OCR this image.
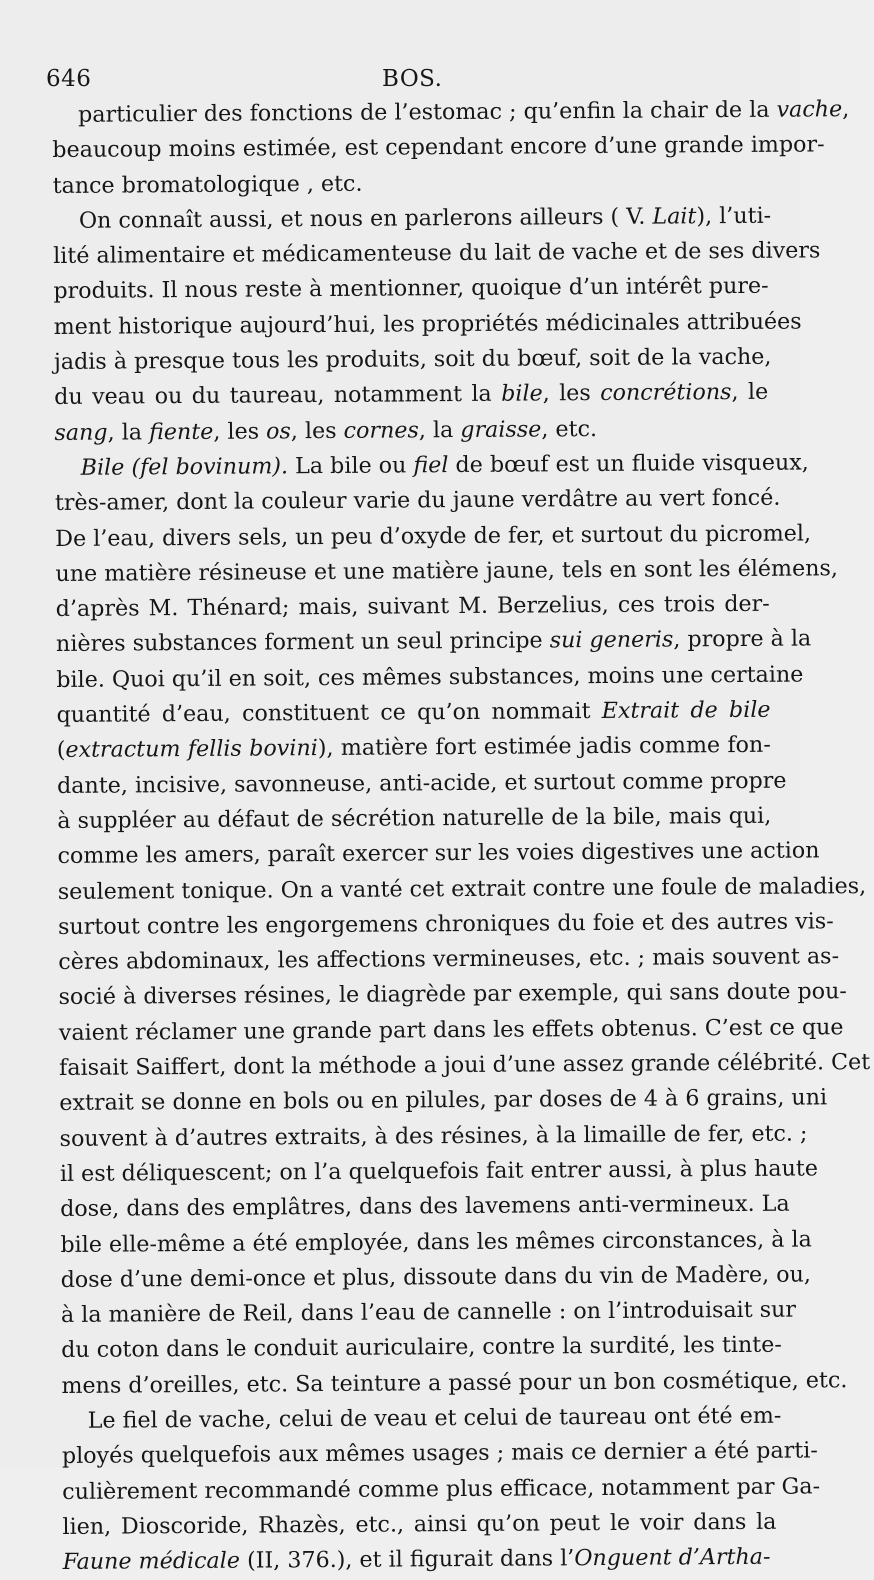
646	BOS.
particulier des fonctions de l’estomac ; qu’enfin la chair de la vache,
beaucoup moins estimée, est cependant encore d’une grande impor-
tance bromatologique , etc.
On connaît aussi, et nous en parlerons ailleurs ( V. Lait), l’uti-
lité alimentaire et médicamenteuse du lait de vache et de ses divers
produits. Il nous reste à mentionner, quoique d’un intérêt pure-
ment historique aujourd’hui, les propriétés médicinales attribuées
jadis à presque tous les produits, soit du bœuf, soit de la vache,
du veau ou du taureau, notamment la bile, les concrétions, le
sang, la fiente, les os, les cornes, la graisse, etc.
Bile (fel bovinum). La bile ou fiel de bœuf est un fluide visqueux,
très-amer, dont la couleur varie du jaune verdâtre au vert foncé.
De l’eau, divers sels, un peu d’oxyde de fer, et surtout du picromel,
une matière résineuse et une matière jaune, tels en sont les élémens,
d’après M. Thénard; mais, suivant M. Berzelius, ces trois der-
nières substances forment un seul principe sui generis, propre à la
bile. Quoi qu’il en soit, ces mêmes substances, moins une certaine
quantité d’eau, constituent ce qu’on nommait Extrait de bile
(extractum fellis bovini), matière fort estimée jadis comme fon-
dante, incisive, savonneuse, anti-acide, et surtout comme propre
à suppléer au défaut de sécrétion naturelle de la bile, mais qui,
comme les amers, paraît exercer sur les voies digestives une action
seulement tonique. On a vanté cet extrait contre une foule de maladies,
surtout contre les engorgemens chroniques du foie et des autres vis-
cères abdominaux, les affections vermineuses, etc. ; mais souvent as-
socié à diverses résines, le diagrède par exemple, qui sans doute pou-
vaient réclamer une grande part dans les effets obtenus. C’est ce que
faisait Saiffert, dont la méthode a joui d’une assez grande célébrité. Cet
extrait se donne en bols ou en pilules, par doses de 4 à 6 grains, uni
souvent à d’autres extraits, à des résines, à la limaille de fer, etc. ;
il est déliquescent; on l’a quelquefois fait entrer aussi, à plus haute
dose, dans des emplâtres, dans des lavemens anti-vermineux. La
bile elle-même a été employée, dans les mêmes circonstances, à la
dose d’une demi-once et plus, dissoute dans du vin de Madère, ou,
à la manière de Reil, dans l’eau de cannelle : on l’introduisait sur
du coton dans le conduit auriculaire, contre la surdité, les tinte-
mens d’oreilles, etc. Sa teinture a passé pour un bon cosmétique, etc.
Le fiel de vache, celui de veau et celui de taureau ont été em-
ployés quelquefois aux mêmes usages ; mais ce dernier a été parti-
culièrement recommandé comme plus efficace, notamment par Ga-
lien, Dioscoride, Rhazès, etc., ainsi qu’on peut le voir dans la
Faune médicale (II, 376.), et il figurait dans l’Onguent d’Artha-
